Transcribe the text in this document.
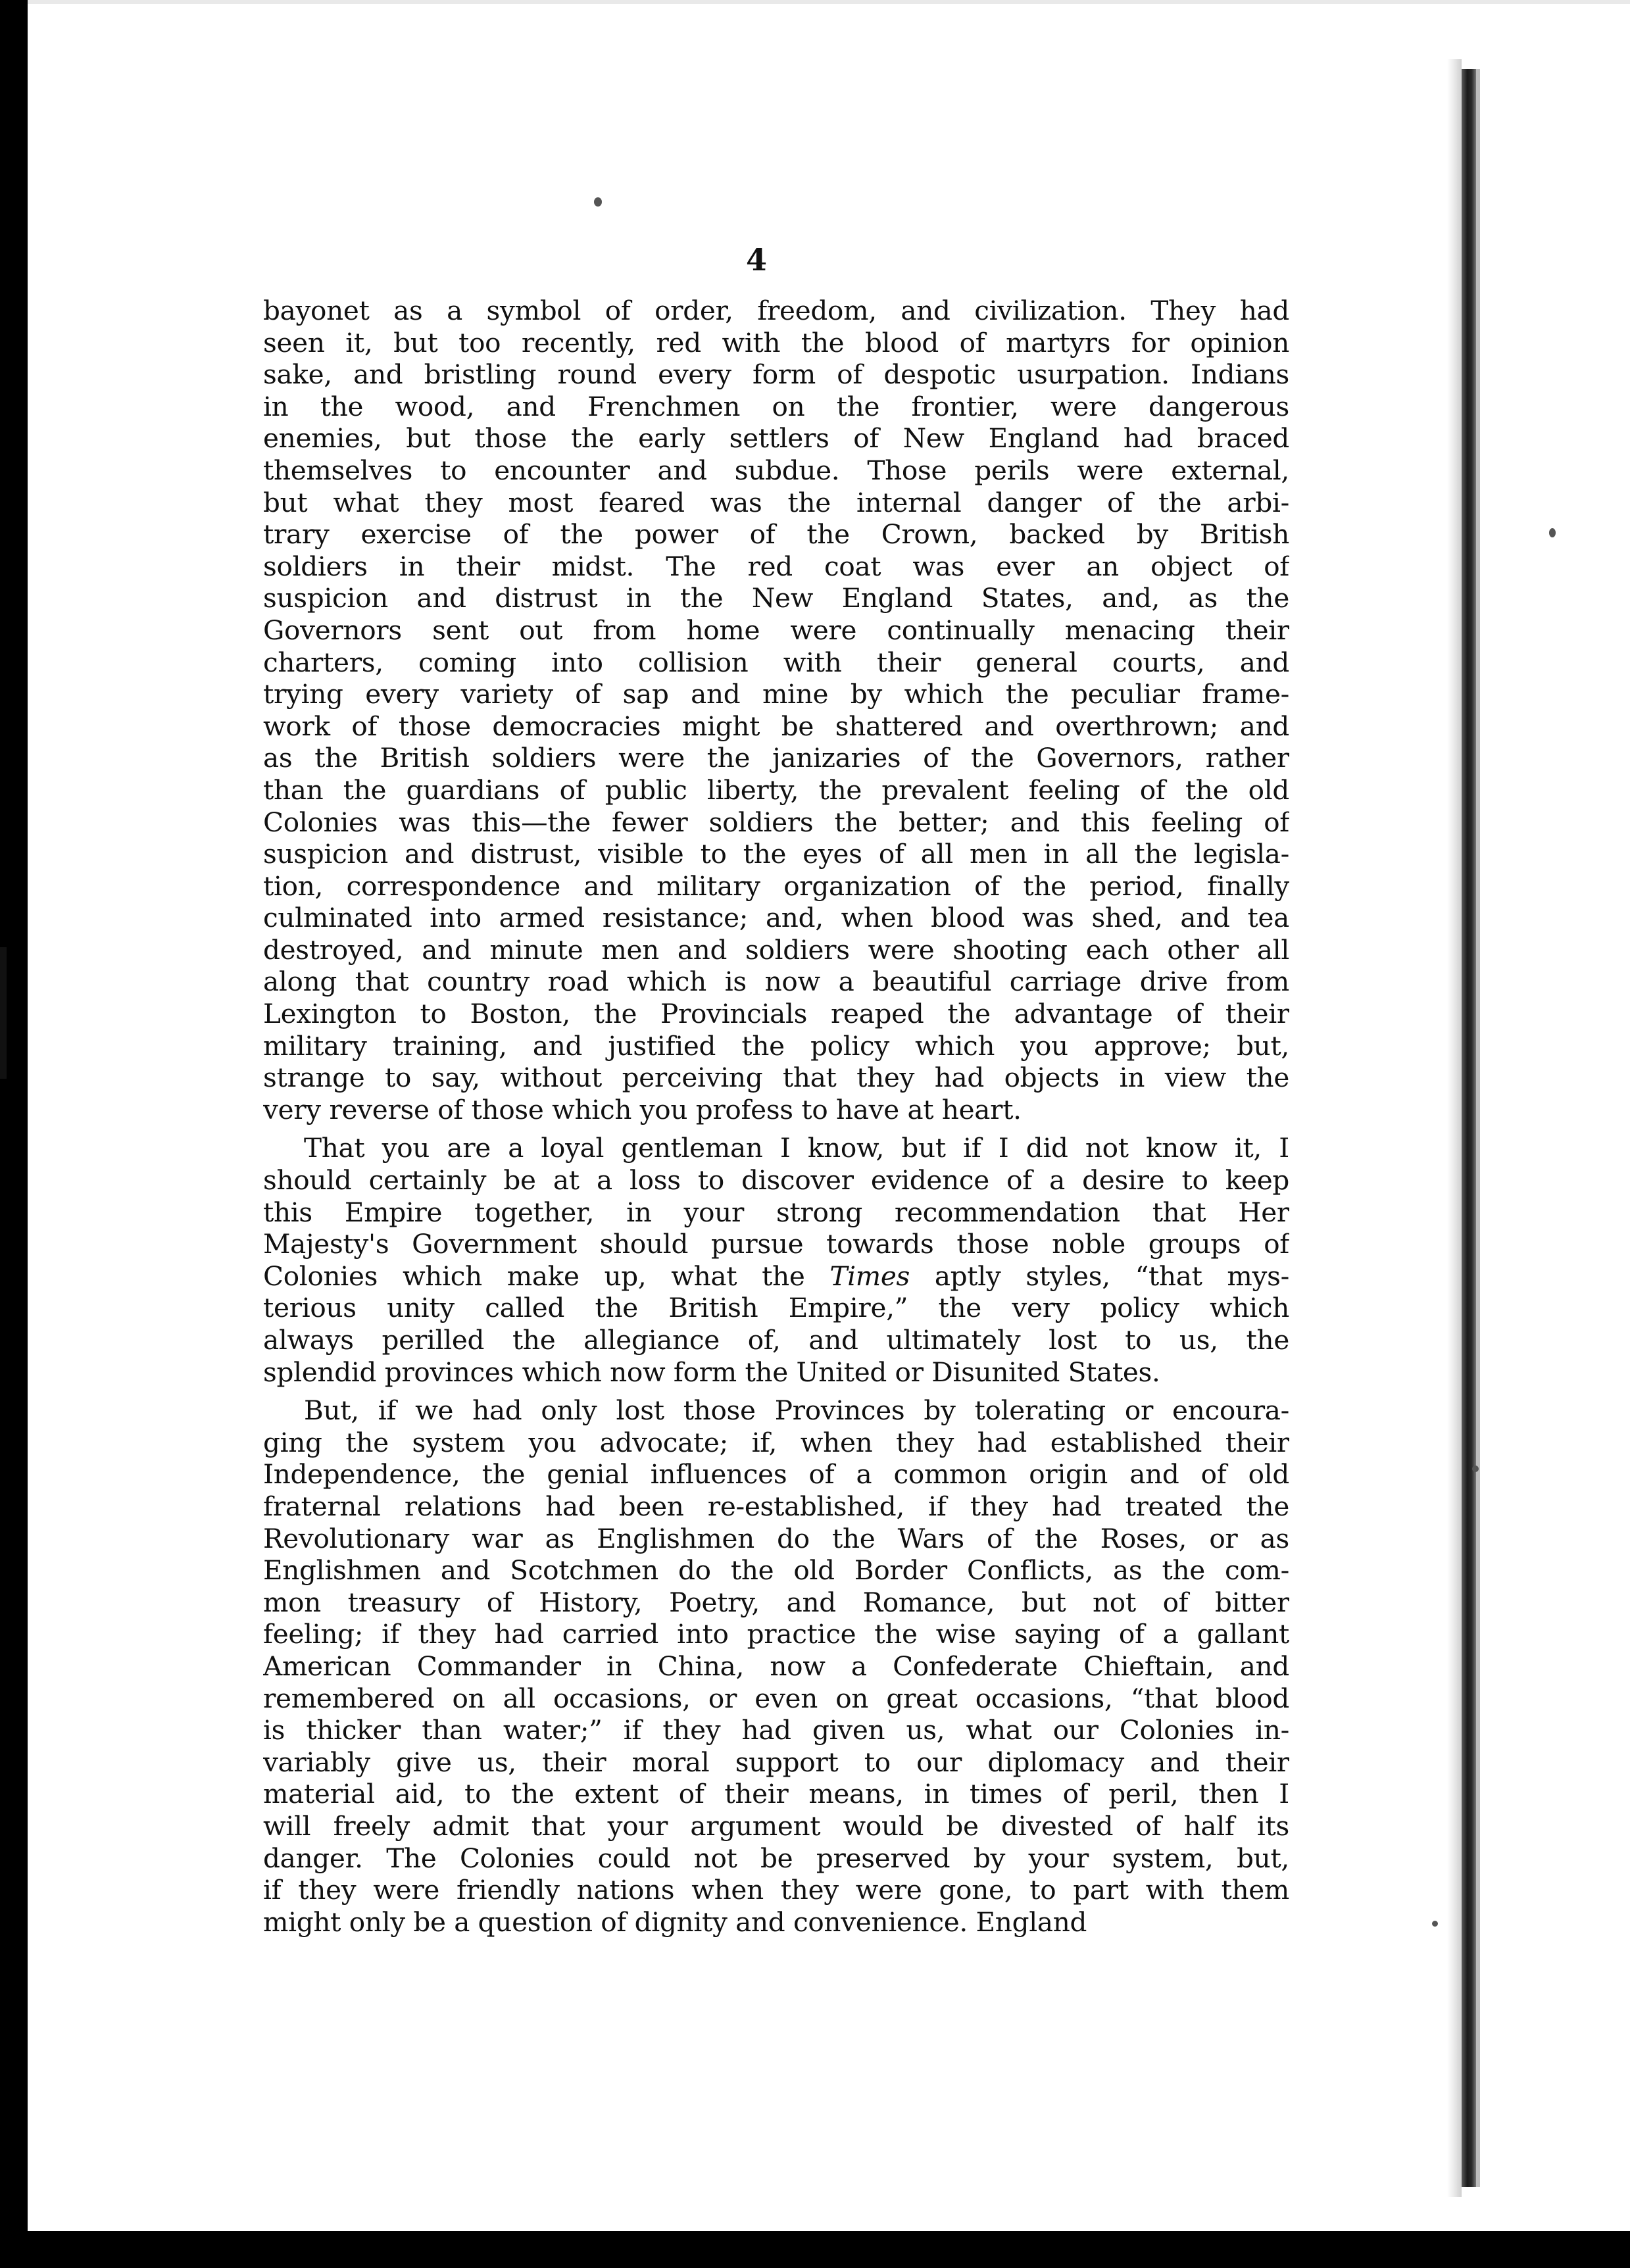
4

bayonet as a symbol of order, freedom, and civilization. They had
seen it, but too recently, red with the blood of martyrs for opinion
sake, and bristling round every form of despotic usurpation. Indians
in the wood, and Frenchmen on the frontier, were dangerous
enemies, but those the early settlers of New England had braced
themselves to encounter and subdue. Those perils were external,
but what they most feared was the internal danger of the arbi-
trary exercise of the power of the Crown, backed by British
soldiers in their midst. The red coat was ever an object of
suspicion and distrust in the New England States, and, as the
Governors sent out from home were continually menacing their
charters, coming into collision with their general courts, and
trying every variety of sap and mine by which the peculiar frame-
work of those democracies might be shattered and overthrown; and
as the British soldiers were the janizaries of the Governors, rather
than the guardians of public liberty, the prevalent feeling of the old
Colonies was this—the fewer soldiers the better; and this feeling of
suspicion and distrust, visible to the eyes of all men in all the legisla-
tion, correspondence and military organization of the period, finally
culminated into armed resistance; and, when blood was shed, and tea
destroyed, and minute men and soldiers were shooting each other all
along that country road which is now a beautiful carriage drive from
Lexington to Boston, the Provincials reaped the advantage of their
military training, and justified the policy which you approve; but,
strange to say, without perceiving that they had objects in view the
very reverse of those which you profess to have at heart.

That you are a loyal gentleman I know, but if I did not know it, I
should certainly be at a loss to discover evidence of a desire to keep
this Empire together, in your strong recommendation that Her
Majesty's Government should pursue towards those noble groups of
Colonies which make up, what the Times aptly styles, “that mys-
terious unity called the British Empire,” the very policy which
always perilled the allegiance of, and ultimately lost to us, the
splendid provinces which now form the United or Disunited States.

But, if we had only lost those Provinces by tolerating or encoura-
ging the system you advocate; if, when they had established their
Independence, the genial influences of a common origin and of old
fraternal relations had been re-established, if they had treated the
Revolutionary war as Englishmen do the Wars of the Roses, or as
Englishmen and Scotchmen do the old Border Conflicts, as the com-
mon treasury of History, Poetry, and Romance, but not of bitter
feeling; if they had carried into practice the wise saying of a gallant
American Commander in China, now a Confederate Chieftain, and
remembered on all occasions, or even on great occasions, “that blood
is thicker than water;” if they had given us, what our Colonies in-
variably give us, their moral support to our diplomacy and their
material aid, to the extent of their means, in times of peril, then I
will freely admit that your argument would be divested of half its
danger. The Colonies could not be preserved by your system, but,
if they were friendly nations when they were gone, to part with them
might only be a question of dignity and convenience. England
